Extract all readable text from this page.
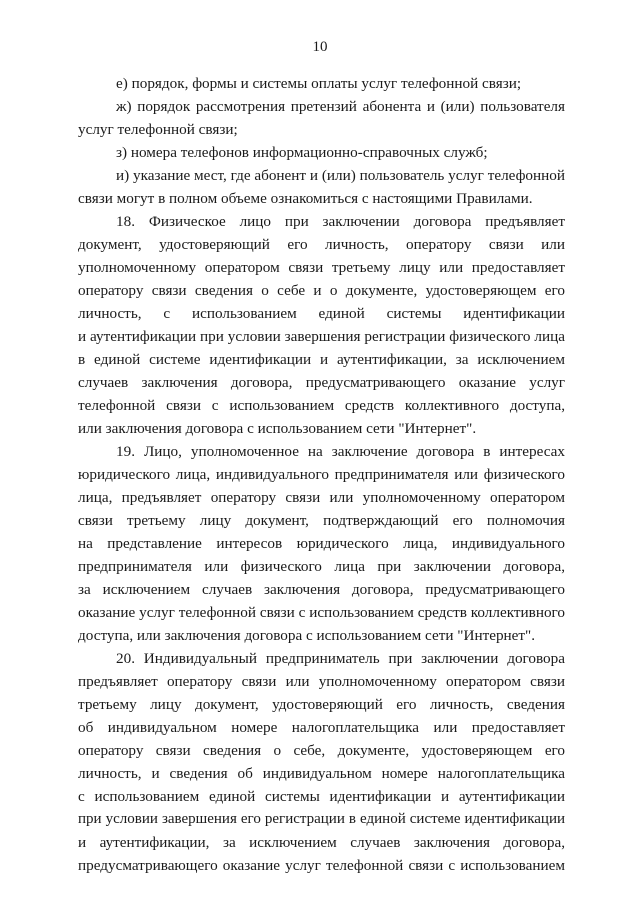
10
е) порядок, формы и системы оплаты услуг телефонной связи;
ж) порядок рассмотрения претензий абонента и (или) пользователя
услуг телефонной связи;
з) номера телефонов информационно-справочных служб;
и) указание мест, где абонент и (или) пользователь услуг телефонной
связи могут в полном объеме ознакомиться с настоящими Правилами.
18. Физическое лицо при заключении договора предъявляет
документ, удостоверяющий его личность, оператору связи или
уполномоченному оператором связи третьему лицу или предоставляет
оператору связи сведения о себе и о документе, удостоверяющем его
личность, с использованием единой системы идентификации
и аутентификации при условии завершения регистрации физического лица
в единой системе идентификации и аутентификации, за исключением
случаев заключения договора, предусматривающего оказание услуг
телефонной связи с использованием средств коллективного доступа,
или заключения договора с использованием сети "Интернет".
19. Лицо, уполномоченное на заключение договора в интересах
юридического лица, индивидуального предпринимателя или физического
лица, предъявляет оператору связи или уполномоченному оператором
связи третьему лицу документ, подтверждающий его полномочия
на представление интересов юридического лица, индивидуального
предпринимателя или физического лица при заключении договора,
за исключением случаев заключения договора, предусматривающего
оказание услуг телефонной связи с использованием средств коллективного
доступа, или заключения договора с использованием сети "Интернет".
20. Индивидуальный предприниматель при заключении договора
предъявляет оператору связи или уполномоченному оператором связи
третьему лицу документ, удостоверяющий его личность, сведения
об индивидуальном номере налогоплательщика или предоставляет
оператору связи сведения о себе, документе, удостоверяющем его
личность, и сведения об индивидуальном номере налогоплательщика
с использованием единой системы идентификации и аутентификации
при условии завершения его регистрации в единой системе идентификации
и аутентификации, за исключением случаев заключения договора,
предусматривающего оказание услуг телефонной связи с использованием
